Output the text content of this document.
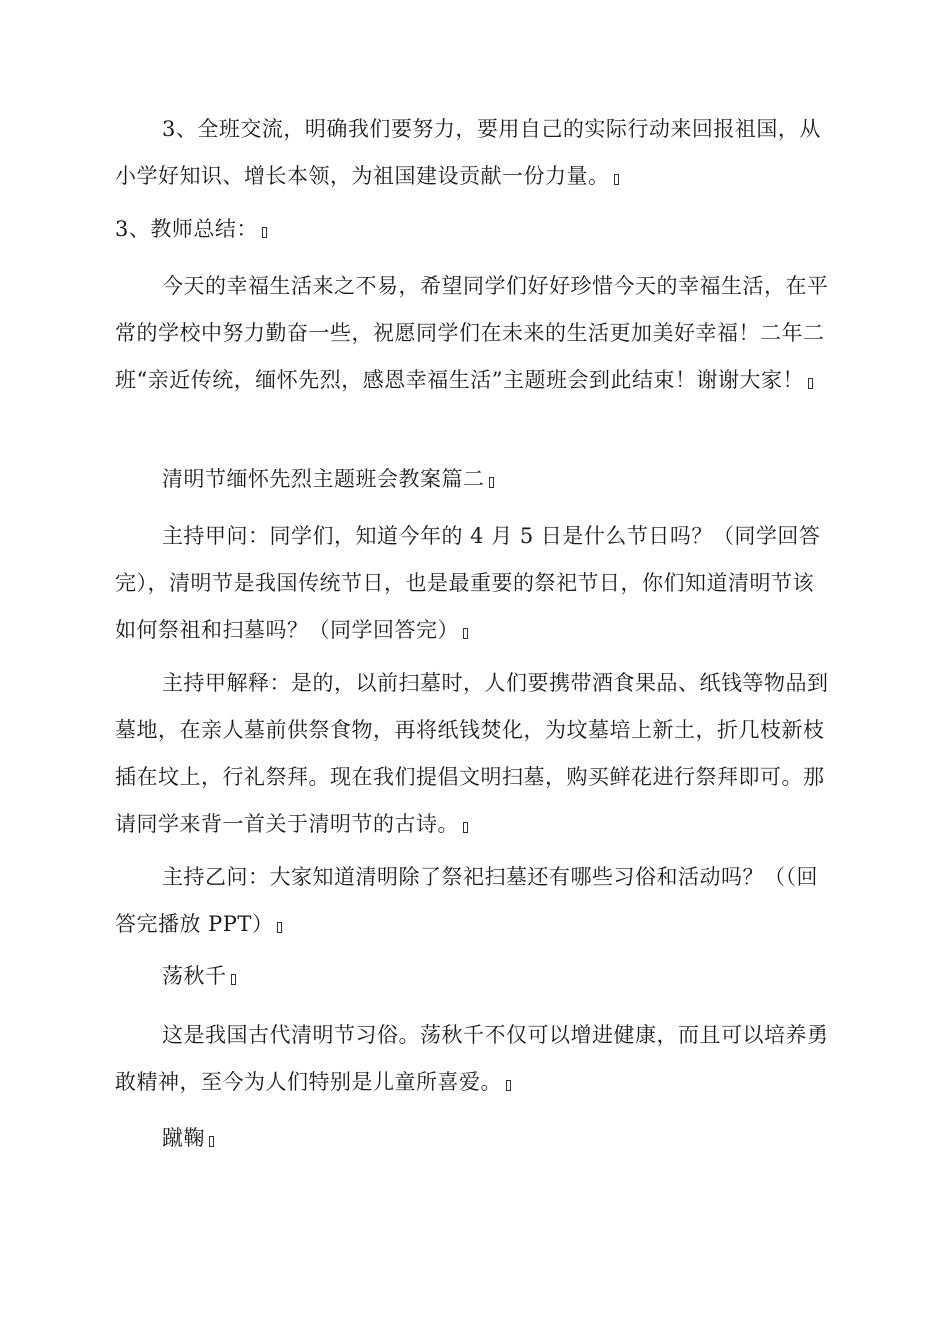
3、全班交流，明确我们要努力，要用自己的实际行动来回报祖国，从小学好知识、增长本领，为祖国建设贡献一份力量。

3、教师总结：

今天的幸福生活来之不易，希望同学们好好珍惜今天的幸福生活，在平常的学校中努力勤奋一些，祝愿同学们在未来的生活更加美好幸福！二年二班“亲近传统，缅怀先烈，感恩幸福生活”主题班会到此结束！谢谢大家！

清明节缅怀先烈主题班会教案篇二

主持甲问：同学们，知道今年的 4 月 5 日是什么节日吗？（同学回答完），清明节是我国传统节日，也是最重要的祭祀节日，你们知道清明节该如何祭祖和扫墓吗？（同学回答完）

主持甲解释：是的，以前扫墓时，人们要携带酒食果品、纸钱等物品到墓地，在亲人墓前供祭食物，再将纸钱焚化，为坟墓培上新土，折几枝新枝插在坟上，行礼祭拜。现在我们提倡文明扫墓，购买鲜花进行祭拜即可。那请同学来背一首关于清明节的古诗。

主持乙问：大家知道清明除了祭祀扫墓还有哪些习俗和活动吗？（（回答完播放 PPT）

荡秋千

这是我国古代清明节习俗。荡秋千不仅可以增进健康，而且可以培养勇敢精神，至今为人们特别是儿童所喜爱。

蹴鞠
